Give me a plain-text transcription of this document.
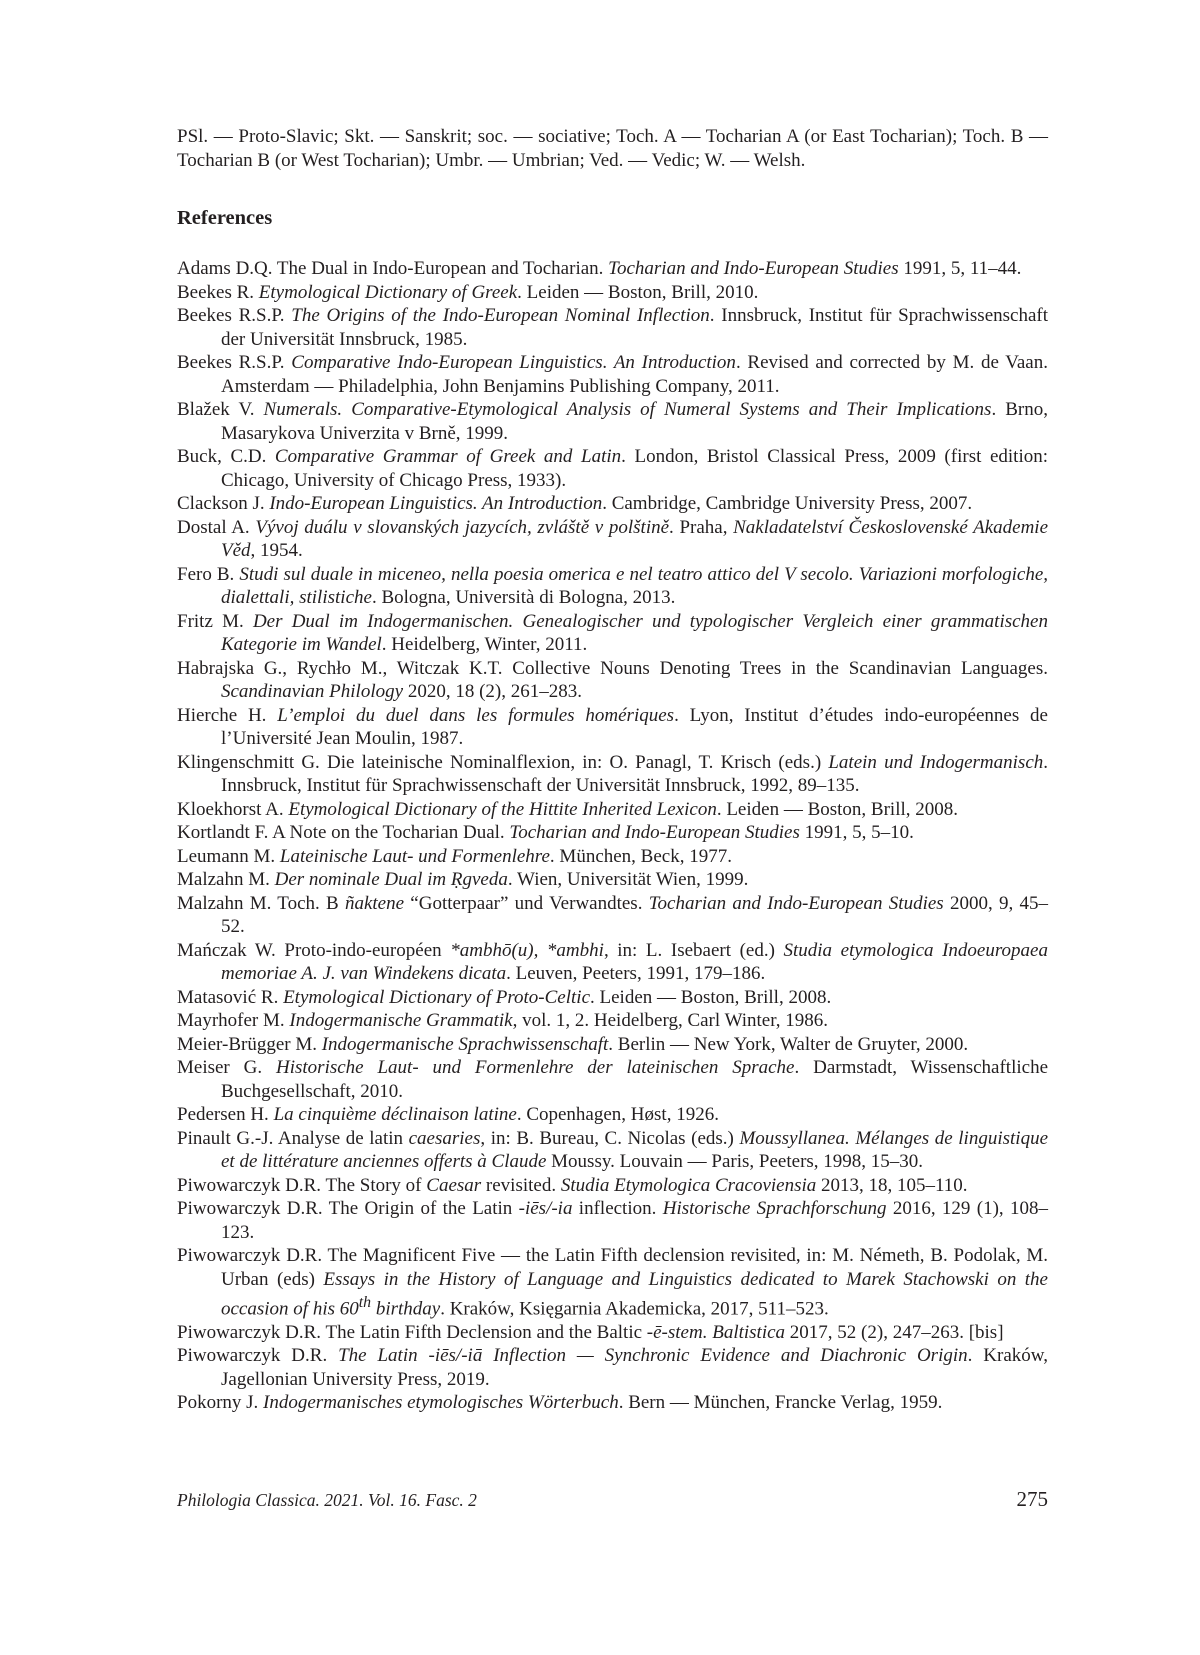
PSl. — Proto-Slavic; Skt. — Sanskrit; soc. — sociative; Toch. A — Tocharian A (or East Tocharian); Toch. B — Tocharian B (or West Tocharian); Umbr. — Umbrian; Ved. — Vedic; W. — Welsh.

References

Adams D.Q. The Dual in Indo-European and Tocharian. Tocharian and Indo-European Studies 1991, 5, 11–44.

Beekes R. Etymological Dictionary of Greek. Leiden — Boston, Brill, 2010.

Beekes R.S.P. The Origins of the Indo-European Nominal Inflection. Innsbruck, Institut für Sprachwissenschaft der Universität Innsbruck, 1985.

Beekes R.S.P. Comparative Indo-European Linguistics. An Introduction. Revised and corrected by M. de Vaan. Amsterdam — Philadelphia, John Benjamins Publishing Company, 2011.

Blažek V. Numerals. Comparative-Etymological Analysis of Numeral Systems and Their Implications. Brno, Masarykova Univerzita v Brně, 1999.

Buck, C.D. Comparative Grammar of Greek and Latin. London, Bristol Classical Press, 2009 (first edition: Chicago, University of Chicago Press, 1933).

Clackson J. Indo-European Linguistics. An Introduction. Cambridge, Cambridge University Press, 2007.

Dostal A. Vývoj duálu v slovanských jazycích, zvláště v polštině. Praha, Nakladatelství Československé Akademie Věd, 1954.

Fero B. Studi sul duale in miceneo, nella poesia omerica e nel teatro attico del V secolo. Variazioni morfologiche, dialettali, stilistiche. Bologna, Università di Bologna, 2013.

Fritz M. Der Dual im Indogermanischen. Genealogischer und typologischer Vergleich einer grammatischen Kategorie im Wandel. Heidelberg, Winter, 2011.

Habrajska G., Rychło M., Witczak K.T. Collective Nouns Denoting Trees in the Scandinavian Languages. Scandinavian Philology 2020, 18 (2), 261–283.

Hierche H. L’emploi du duel dans les formules homériques. Lyon, Institut d’études indo-européennes de l’Université Jean Moulin, 1987.

Klingenschmitt G. Die lateinische Nominalflexion, in: O. Panagl, T. Krisch (eds.) Latein und Indogermanisch. Innsbruck, Institut für Sprachwissenschaft der Universität Innsbruck, 1992, 89–135.

Kloekhorst A. Etymological Dictionary of the Hittite Inherited Lexicon. Leiden — Boston, Brill, 2008.

Kortlandt F. A Note on the Tocharian Dual. Tocharian and Indo-European Studies 1991, 5, 5–10.

Leumann M. Lateinische Laut- und Formenlehre. München, Beck, 1977.

Malzahn M. Der nominale Dual im Ṛgveda. Wien, Universität Wien, 1999.

Malzahn M. Toch. B ñaktene “Gotterpaar” und Verwandtes. Tocharian and Indo-European Studies 2000, 9, 45–52.

Mańczak W. Proto-indo-européen *ambhō(u), *ambhi, in: L. Isebaert (ed.) Studia etymologica Indoeuropaea memoriae A. J. van Windekens dicata. Leuven, Peeters, 1991, 179–186.

Matasović R. Etymological Dictionary of Proto-Celtic. Leiden — Boston, Brill, 2008.

Mayrhofer M. Indogermanische Grammatik, vol. 1, 2. Heidelberg, Carl Winter, 1986.

Meier-Brügger M. Indogermanische Sprachwissenschaft. Berlin — New York, Walter de Gruyter, 2000.

Meiser G. Historische Laut- und Formenlehre der lateinischen Sprache. Darmstadt, Wissenschaftliche Buchgesellschaft, 2010.

Pedersen H. La cinquième déclinaison latine. Copenhagen, Høst, 1926.

Pinault G.-J. Analyse de latin caesaries, in: B. Bureau, C. Nicolas (eds.) Moussyllanea. Mélanges de linguistique et de littérature anciennes offerts à Claude Moussy. Louvain — Paris, Peeters, 1998, 15–30.

Piwowarczyk D.R. The Story of Caesar revisited. Studia Etymologica Cracoviensia 2013, 18, 105–110.

Piwowarczyk D.R. The Origin of the Latin -iēs/-ia inflection. Historische Sprachforschung 2016, 129 (1), 108–123.

Piwowarczyk D.R. The Magnificent Five — the Latin Fifth declension revisited, in: M. Németh, B. Podolak, M. Urban (eds) Essays in the History of Language and Linguistics dedicated to Marek Stachowski on the occasion of his 60th birthday. Kraków, Księgarnia Akademicka, 2017, 511–523.

Piwowarczyk D.R. The Latin Fifth Declension and the Baltic -ē-stem. Baltistica 2017, 52 (2), 247–263. [bis]

Piwowarczyk D.R. The Latin -iēs/-iā Inflection — Synchronic Evidence and Diachronic Origin. Kraków, Jagellonian University Press, 2019.

Pokorny J. Indogermanisches etymologisches Wörterbuch. Bern — München, Francke Verlag, 1959.

Philologia Classica. 2021. Vol. 16. Fasc. 2	275
